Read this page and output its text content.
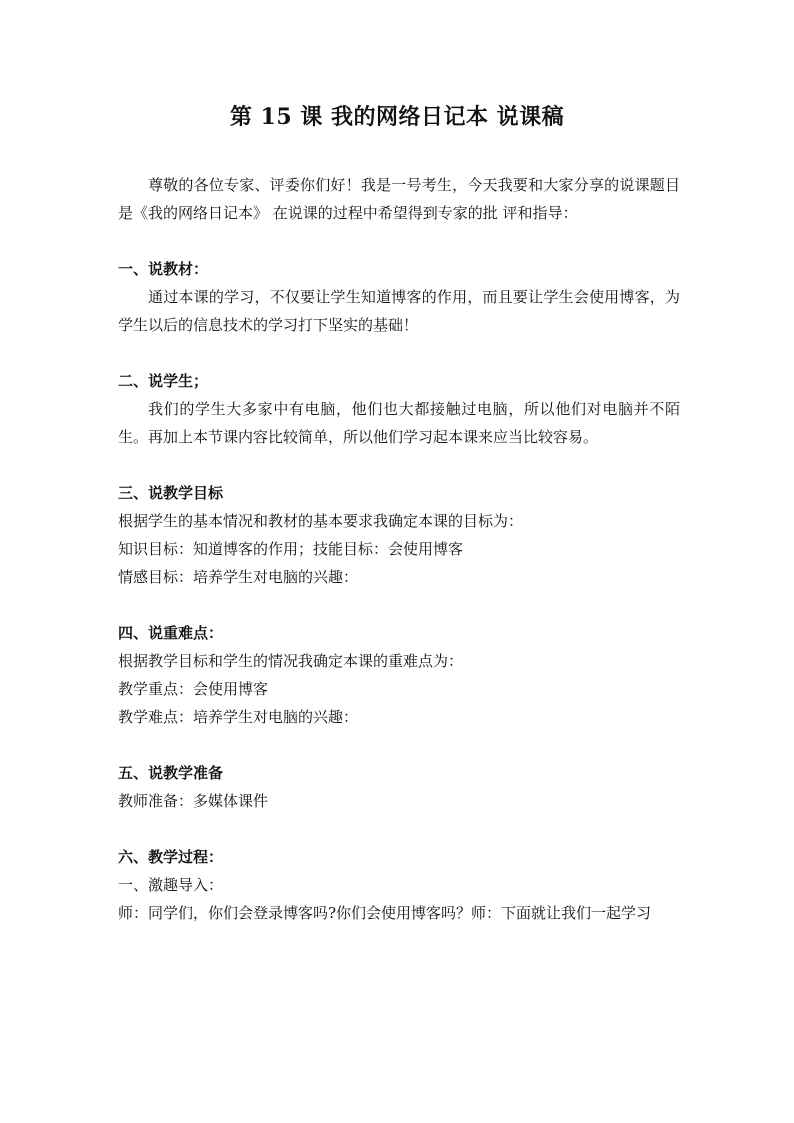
第 15 课 我的网络日记本 说课稿

尊敬的各位专家、评委你们好！我是一号考生，今天我要和大家分享的说课题目是《我的网络日记本》 在说课的过程中希望得到专家的批 评和指导：

一、说教材：

通过本课的学习，不仅要让学生知道博客的作用，而且要让学生会使用博客，为学生以后的信息技术的学习打下坚实的基础！

二、说学生；

我们的学生大多家中有电脑，他们也大都接触过电脑，所以他们对电脑并不陌生。再加上本节课内容比较简单，所以他们学习起本课来应当比较容易。

三、说教学目标

根据学生的基本情况和教材的基本要求我确定本课的目标为：

知识目标：知道博客的作用；技能目标：会使用博客

情感目标：培养学生对电脑的兴趣：

四、说重难点：

根据教学目标和学生的情况我确定本课的重难点为：

教学重点：会使用博客

教学难点：培养学生对电脑的兴趣：

五、说教学准备

教师准备：多媒体课件

六、教学过程：

一、激趣导入：

师：同学们，你们会登录博客吗?你们会使用博客吗？师：下面就让我们一起学习
